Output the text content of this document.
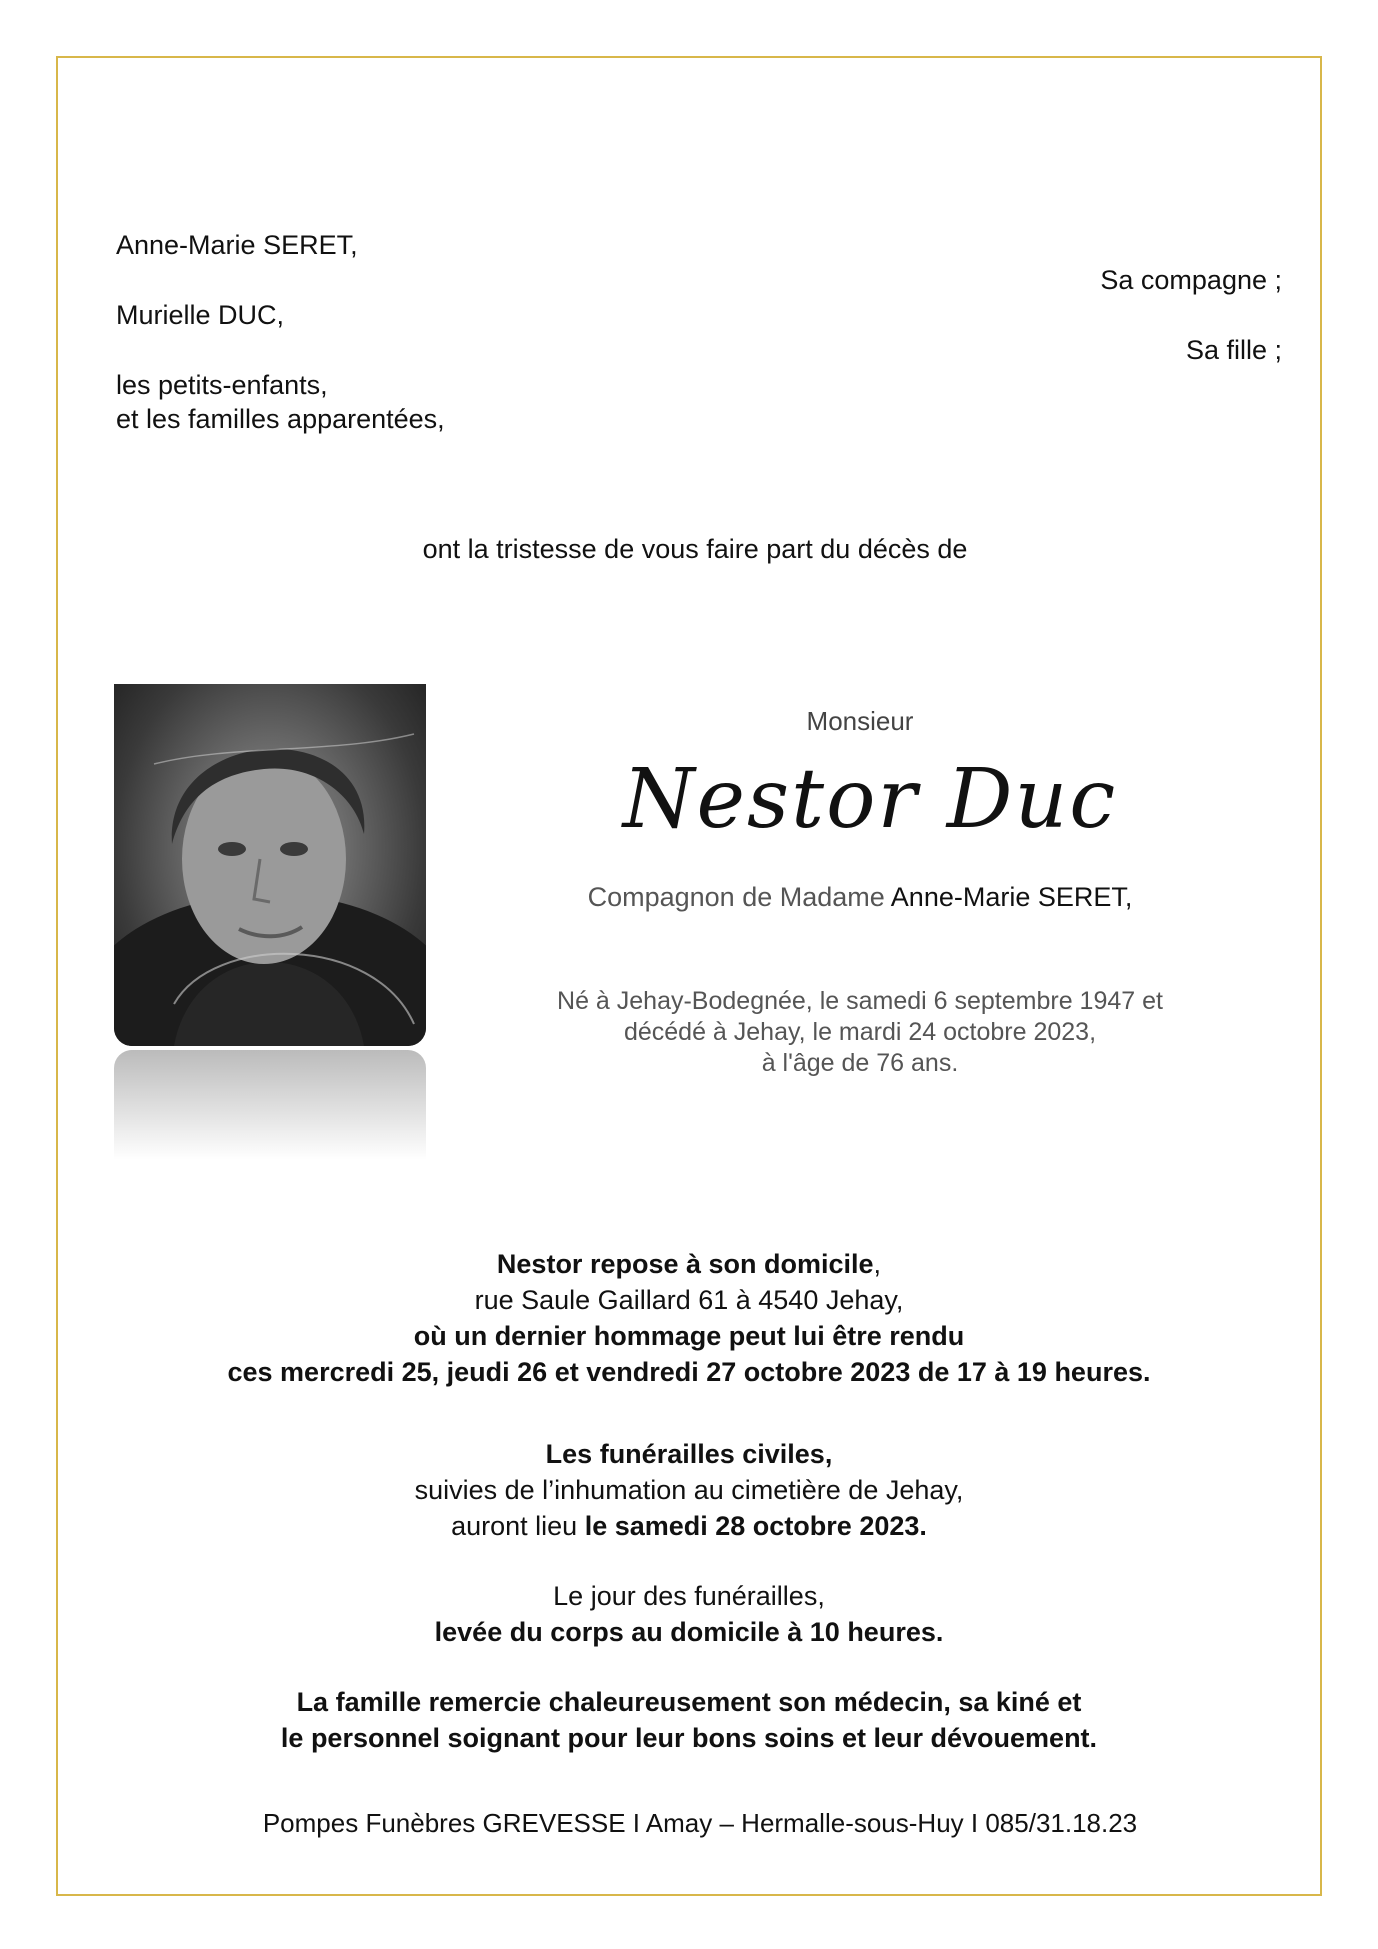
Anne-Marie SERET,
Sa compagne ;
Murielle DUC,
Sa fille ;
les petits-enfants,
et les familles apparentées,
ont la tristesse de vous faire part du décès de
Monsieur
Nestor Duc
Compagnon de Madame Anne-Marie SERET,
Né à Jehay-Bodegnée, le samedi 6 septembre 1947 et
décédé à Jehay, le mardi 24 octobre 2023,
à l'âge de 76 ans.
Nestor repose à son domicile,
rue Saule Gaillard 61 à 4540 Jehay,
où un dernier hommage peut lui être rendu
ces mercredi 25, jeudi 26 et vendredi 27 octobre 2023 de 17 à 19 heures.
Les funérailles civiles,
suivies de l’inhumation au cimetière de Jehay,
auront lieu le samedi 28 octobre 2023.
Le jour des funérailles,
levée du corps au domicile à 10 heures.
La famille remercie chaleureusement son médecin, sa kiné et
le personnel soignant pour leur bons soins et leur dévouement.
Pompes Funèbres GREVESSE I Amay – Hermalle-sous-Huy I 085/31.18.23
